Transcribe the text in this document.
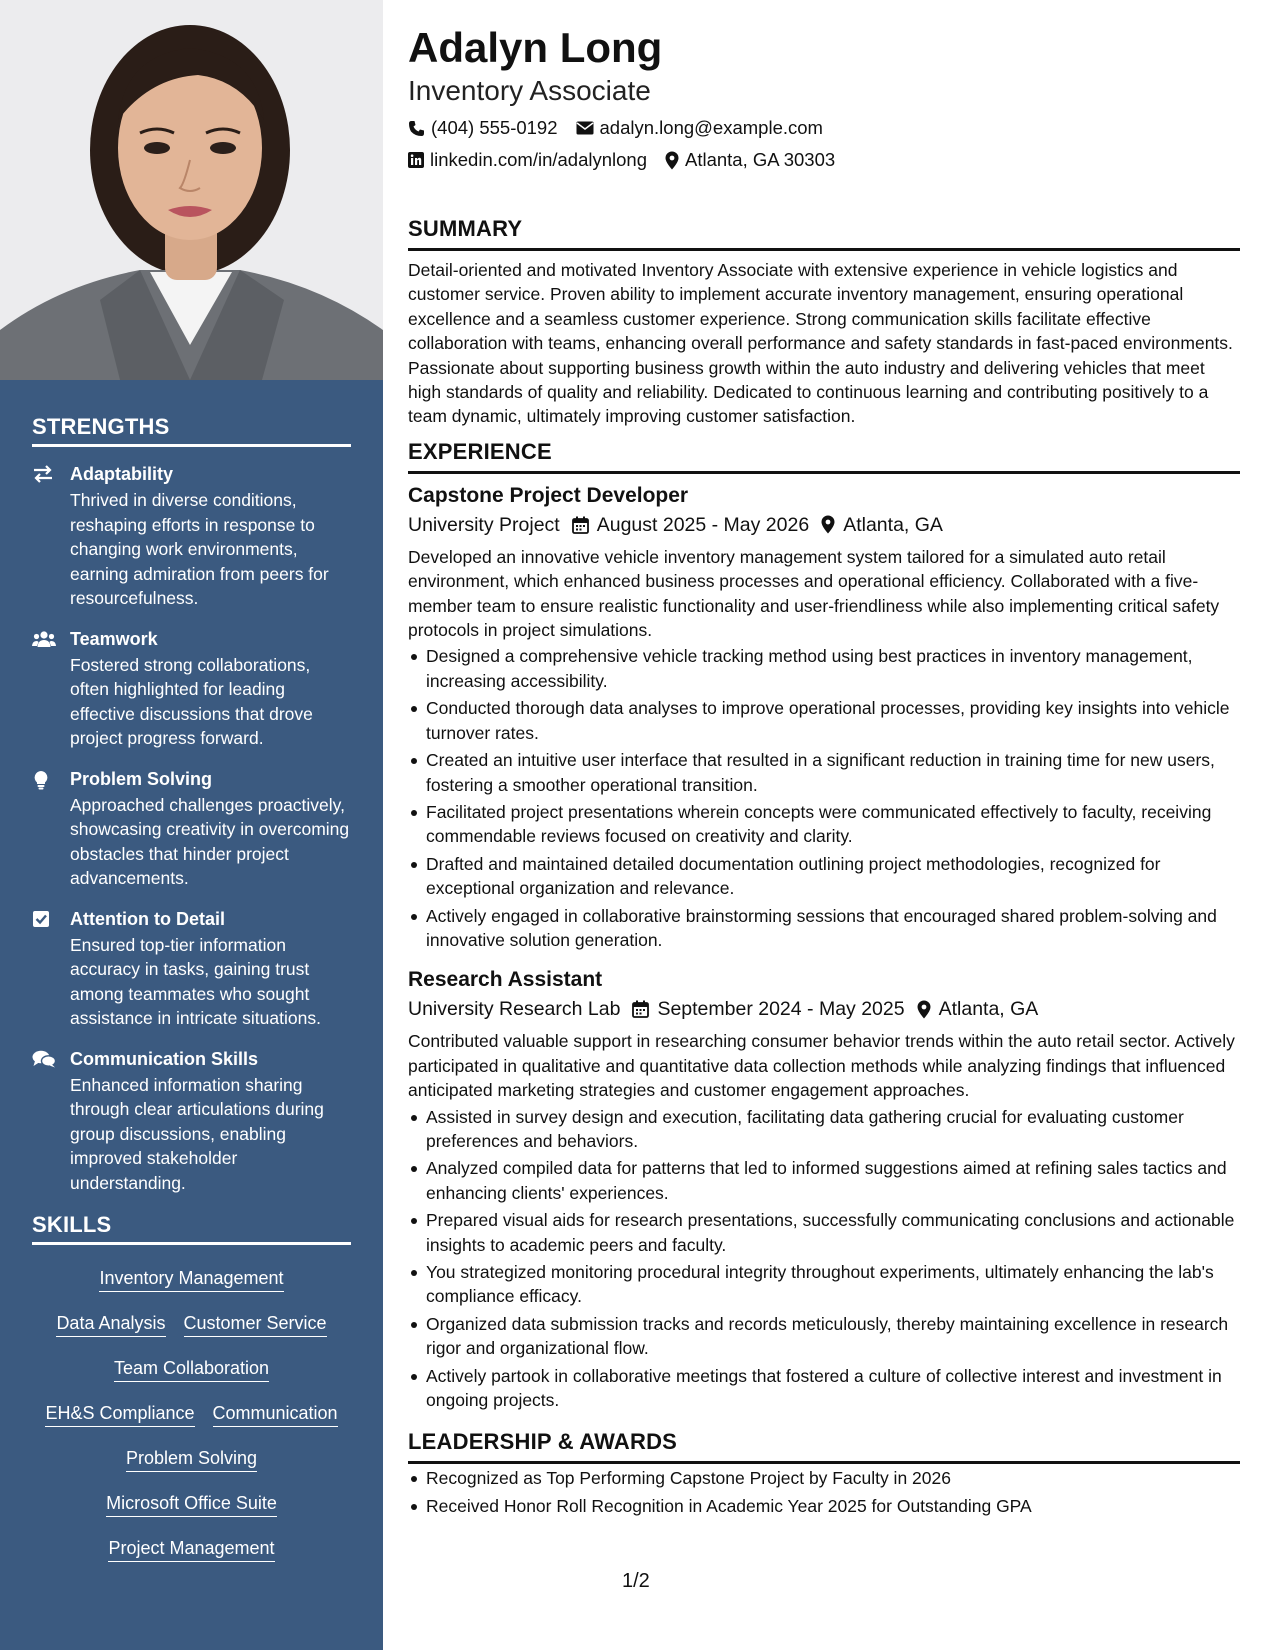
STRENGTHS
Adaptability
Thrived in diverse conditions, reshaping efforts in response to changing work environments, earning admiration from peers for resourcefulness.
Teamwork
Fostered strong collaborations, often highlighted for leading effective discussions that drove project progress forward.
Problem Solving
Approached challenges proactively, showcasing creativity in overcoming obstacles that hinder project advancements.
Attention to Detail
Ensured top-tier information accuracy in tasks, gaining trust among teammates who sought assistance in intricate situations.
Communication Skills
Enhanced information sharing through clear articulations during group discussions, enabling improved stakeholder understanding.
SKILLS
Inventory Management
Data Analysis Customer Service
Team Collaboration
EH&S Compliance Communication
Problem Solving
Microsoft Office Suite
Project Management
Adalyn Long
Inventory Associate
(404) 555-0192 adalyn.long@example.com
linkedin.com/in/adalynlong Atlanta, GA 30303
SUMMARY
Detail-oriented and motivated Inventory Associate with extensive experience in vehicle logistics and customer service. Proven ability to implement accurate inventory management, ensuring operational excellence and a seamless customer experience. Strong communication skills facilitate effective collaboration with teams, enhancing overall performance and safety standards in fast-paced environments. Passionate about supporting business growth within the auto industry and delivering vehicles that meet high standards of quality and reliability. Dedicated to continuous learning and contributing positively to a team dynamic, ultimately improving customer satisfaction.
EXPERIENCE
Capstone Project Developer
University Project August 2025 - May 2026 Atlanta, GA
Developed an innovative vehicle inventory management system tailored for a simulated auto retail environment, which enhanced business processes and operational efficiency. Collaborated with a five-member team to ensure realistic functionality and user-friendliness while also implementing critical safety protocols in project simulations.
Designed a comprehensive vehicle tracking method using best practices in inventory management, increasing accessibility.
Conducted thorough data analyses to improve operational processes, providing key insights into vehicle turnover rates.
Created an intuitive user interface that resulted in a significant reduction in training time for new users, fostering a smoother operational transition.
Facilitated project presentations wherein concepts were communicated effectively to faculty, receiving commendable reviews focused on creativity and clarity.
Drafted and maintained detailed documentation outlining project methodologies, recognized for exceptional organization and relevance.
Actively engaged in collaborative brainstorming sessions that encouraged shared problem-solving and innovative solution generation.
Research Assistant
University Research Lab September 2024 - May 2025 Atlanta, GA
Contributed valuable support in researching consumer behavior trends within the auto retail sector. Actively participated in qualitative and quantitative data collection methods while analyzing findings that influenced anticipated marketing strategies and customer engagement approaches.
Assisted in survey design and execution, facilitating data gathering crucial for evaluating customer preferences and behaviors.
Analyzed compiled data for patterns that led to informed suggestions aimed at refining sales tactics and enhancing clients' experiences.
Prepared visual aids for research presentations, successfully communicating conclusions and actionable insights to academic peers and faculty.
You strategized monitoring procedural integrity throughout experiments, ultimately enhancing the lab's compliance efficacy.
Organized data submission tracks and records meticulously, thereby maintaining excellence in research rigor and organizational flow.
Actively partook in collaborative meetings that fostered a culture of collective interest and investment in ongoing projects.
LEADERSHIP & AWARDS
Recognized as Top Performing Capstone Project by Faculty in 2026
Received Honor Roll Recognition in Academic Year 2025 for Outstanding GPA
1/2
